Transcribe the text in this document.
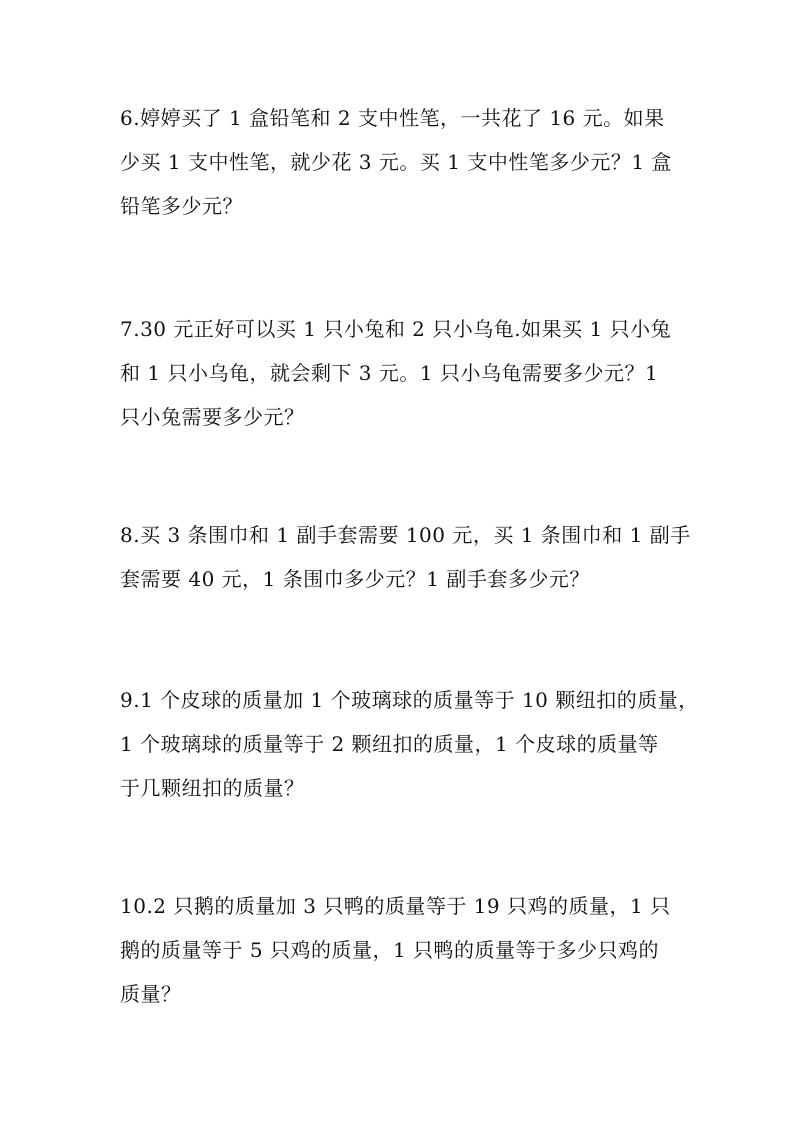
6.婷婷买了 1 盒铅笔和 2 支中性笔，一共花了 16 元。如果
少买 1 支中性笔，就少花 3 元。买 1 支中性笔多少元？1 盒
铅笔多少元？
7.30 元正好可以买 1 只小兔和 2 只小乌龟.如果买 1 只小兔
和 1 只小乌龟，就会剩下 3 元。1 只小乌龟需要多少元？1
只小兔需要多少元？
8.买 3 条围巾和 1 副手套需要 100 元，买 1 条围巾和 1 副手
套需要 40 元，1 条围巾多少元？1 副手套多少元？
9.1 个皮球的质量加 1 个玻璃球的质量等于 10 颗纽扣的质量，
1 个玻璃球的质量等于 2 颗纽扣的质量，1 个皮球的质量等
于几颗纽扣的质量？
10.2 只鹅的质量加 3 只鸭的质量等于 19 只鸡的质量，1 只
鹅的质量等于 5 只鸡的质量，1 只鸭的质量等于多少只鸡的
质量？
